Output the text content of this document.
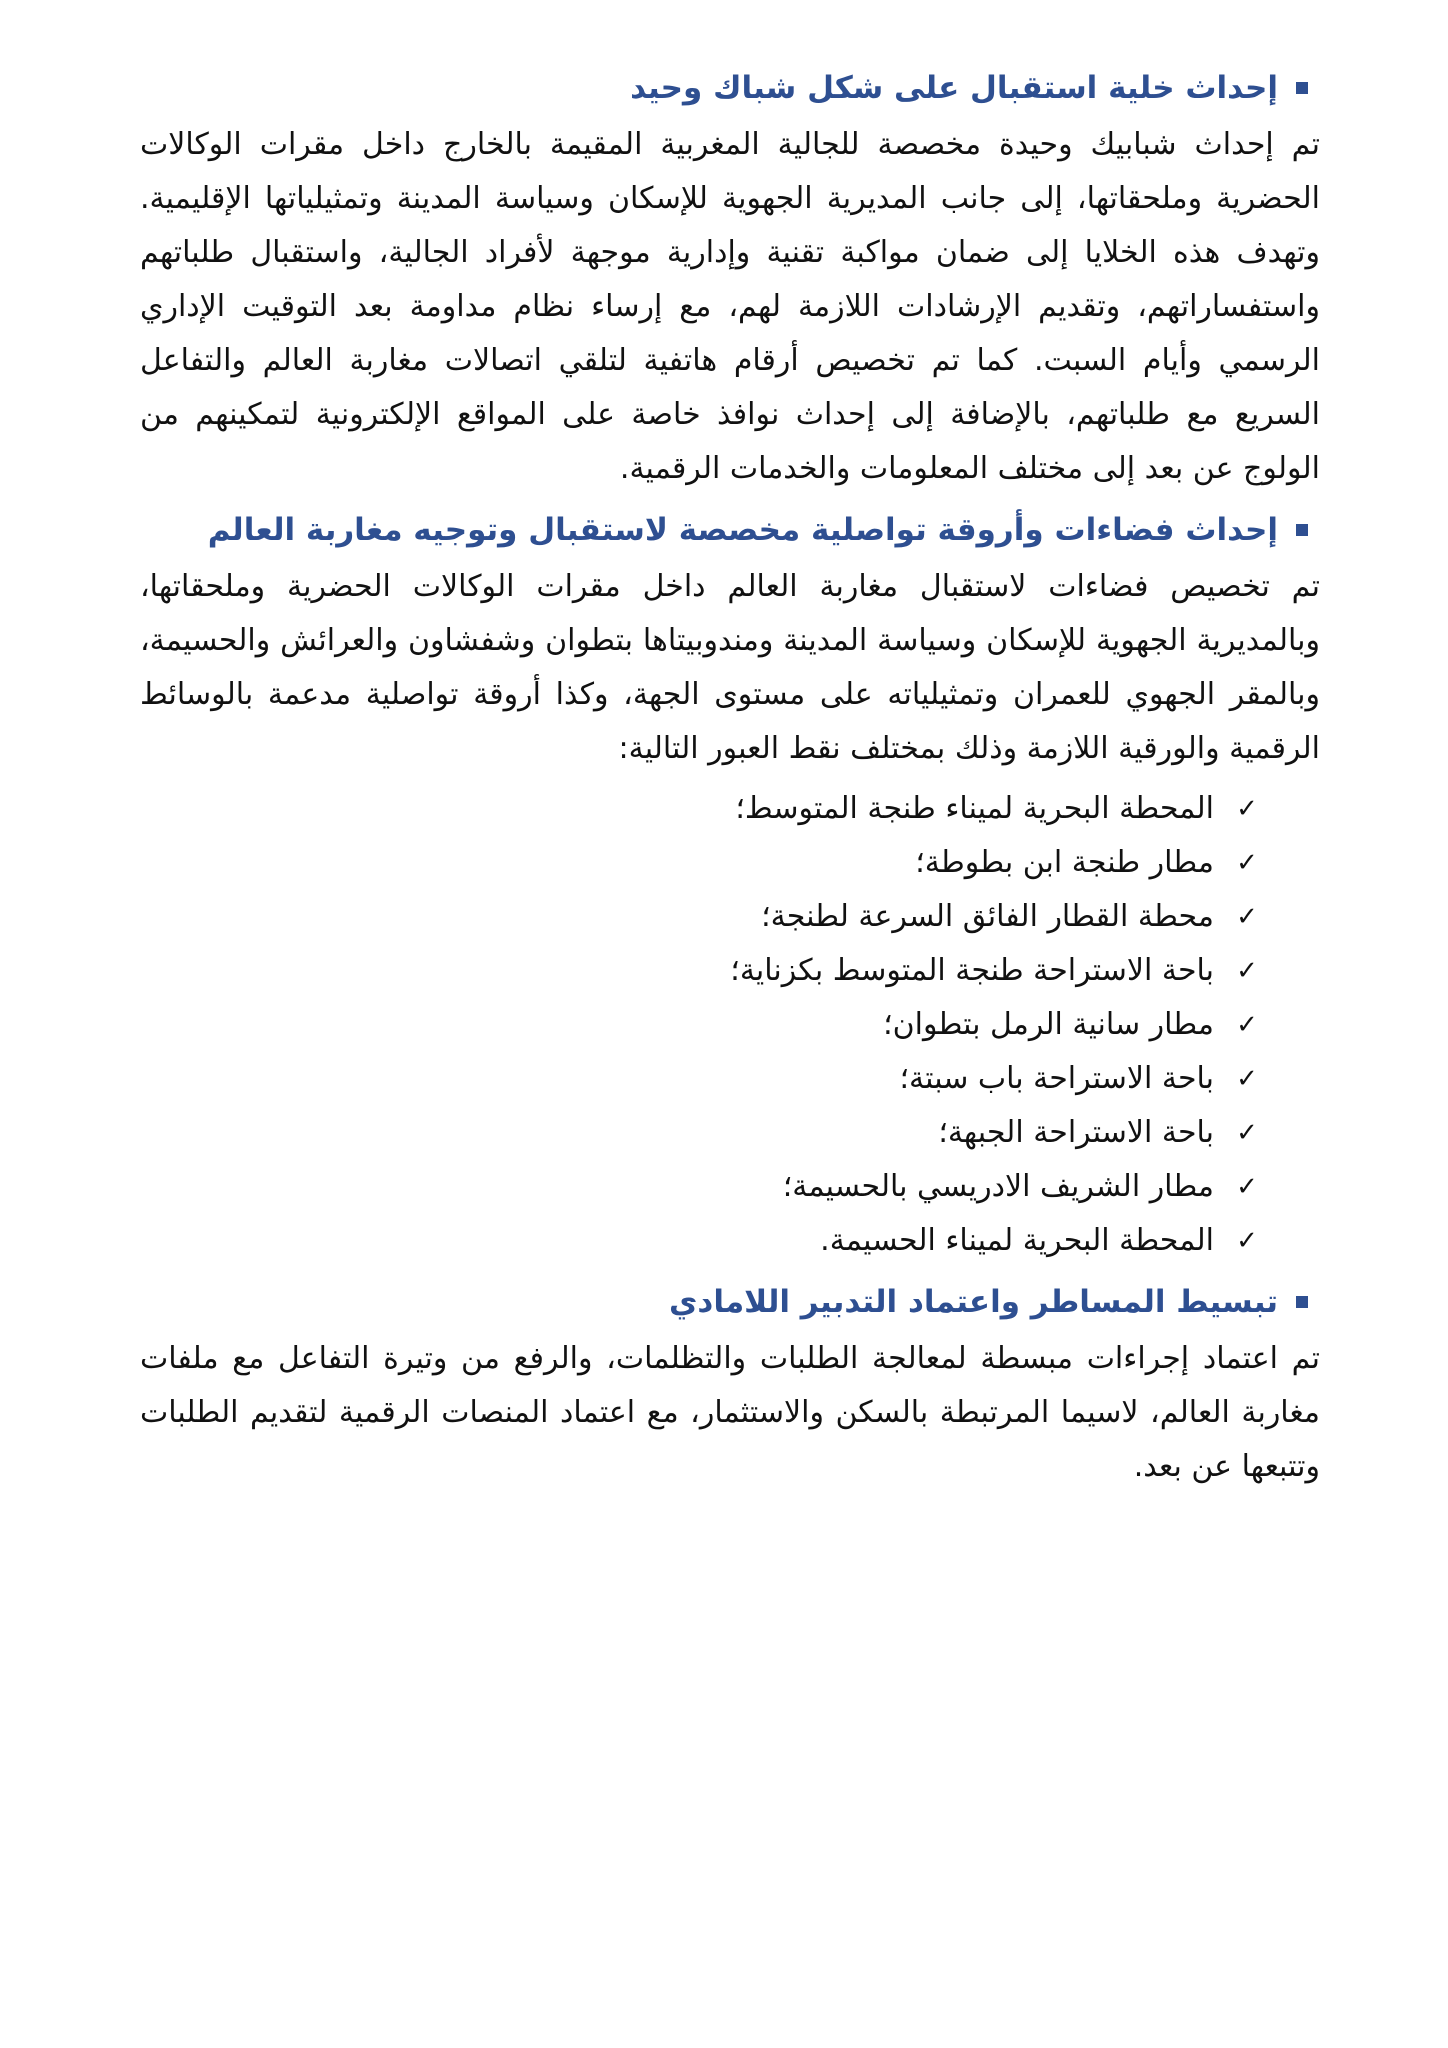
إحداث خلية استقبال على شكل شباك وحيد

تم إحداث شبابيك وحيدة مخصصة للجالية المغربية المقيمة بالخارج داخل مقرات الوكالات الحضرية وملحقاتها، إلى جانب المديرية الجهوية للإسكان وسياسة المدينة وتمثيلياتها الإقليمية. وتهدف هذه الخلايا إلى ضمان مواكبة تقنية وإدارية موجهة لأفراد الجالية، واستقبال طلباتهم واستفساراتهم، وتقديم الإرشادات اللازمة لهم، مع إرساء نظام مداومة بعد التوقيت الإداري الرسمي وأيام السبت. كما تم تخصيص أرقام هاتفية لتلقي اتصالات مغاربة العالم والتفاعل السريع مع طلباتهم، بالإضافة إلى إحداث نوافذ خاصة على المواقع الإلكترونية لتمكينهم من الولوج عن بعد إلى مختلف المعلومات والخدمات الرقمية.

إحداث فضاءات وأروقة تواصلية مخصصة لاستقبال وتوجيه مغاربة العالم

تم تخصيص فضاءات لاستقبال مغاربة العالم داخل مقرات الوكالات الحضرية وملحقاتها، وبالمديرية الجهوية للإسكان وسياسة المدينة ومندوبيتاها بتطوان وشفشاون والعرائش والحسيمة، وبالمقر الجهوي للعمران وتمثيلياته على مستوى الجهة، وكذا أروقة تواصلية مدعمة بالوسائط الرقمية والورقية اللازمة وذلك بمختلف نقط العبور التالية:

✓
المحطة البحرية لميناء طنجة المتوسط؛
✓
مطار طنجة ابن بطوطة؛
✓
محطة القطار الفائق السرعة لطنجة؛
✓
باحة الاستراحة طنجة المتوسط بكزناية؛
✓
مطار سانية الرمل بتطوان؛
✓
باحة الاستراحة باب سبتة؛
✓
باحة الاستراحة الجبهة؛
✓
مطار الشريف الادريسي بالحسيمة؛
✓
المحطة البحرية لميناء الحسيمة.
تبسيط المساطر واعتماد التدبير اللامادي

تم اعتماد إجراءات مبسطة لمعالجة الطلبات والتظلمات، والرفع من وتيرة التفاعل مع ملفات مغاربة العالم، لاسيما المرتبطة بالسكن والاستثمار، مع اعتماد المنصات الرقمية لتقديم الطلبات وتتبعها عن بعد.
